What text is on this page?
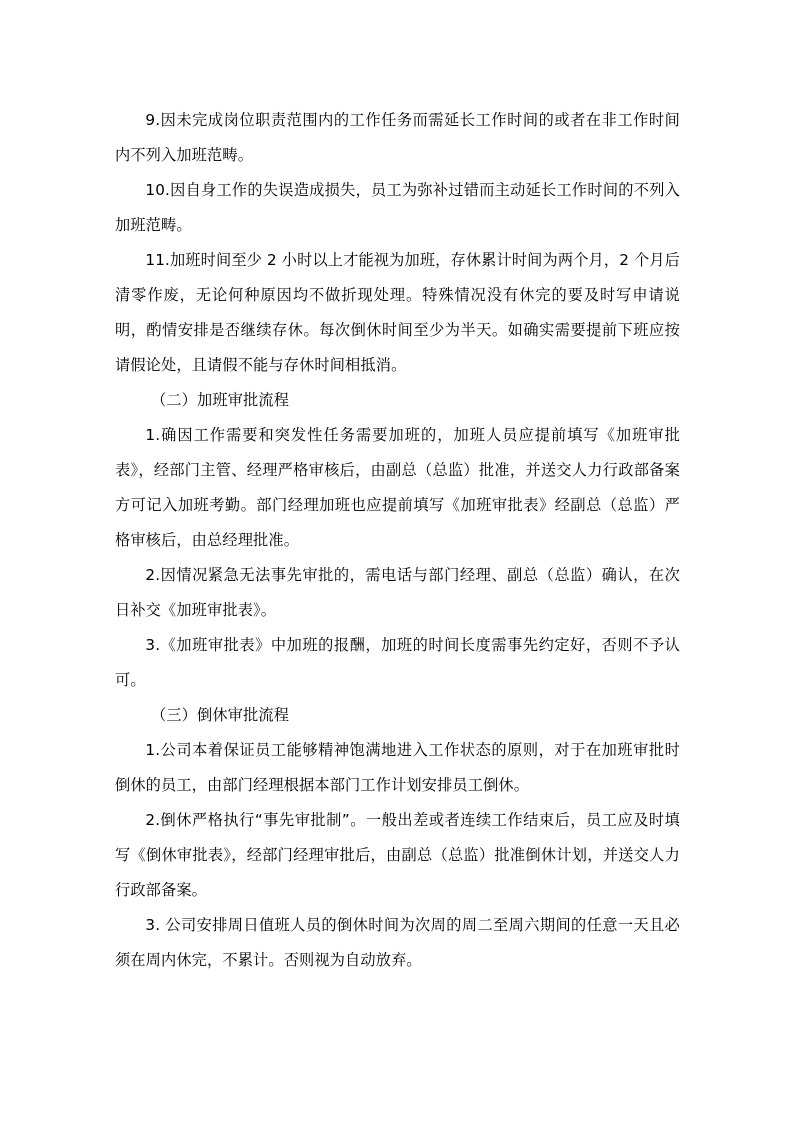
9.因未完成岗位职责范围内的工作任务而需延长工作时间的或者在非工作时间内不列入加班范畴。

10.因自身工作的失误造成损失，员工为弥补过错而主动延长工作时间的不列入加班范畴。

11.加班时间至少 2 小时以上才能视为加班，存休累计时间为两个月，2 个月后清零作废，无论何种原因均不做折现处理。特殊情况没有休完的要及时写申请说明，酌情安排是否继续存休。每次倒休时间至少为半天。如确实需要提前下班应按请假论处，且请假不能与存休时间相抵消。

（二）加班审批流程

1.确因工作需要和突发性任务需要加班的，加班人员应提前填写《加班审批表》，经部门主管、经理严格审核后，由副总（总监）批准，并送交人力行政部备案方可记入加班考勤。部门经理加班也应提前填写《加班审批表》经副总（总监）严格审核后，由总经理批准。

2.因情况紧急无法事先审批的，需电话与部门经理、副总（总监）确认，在次日补交《加班审批表》。

3.《加班审批表》中加班的报酬，加班的时间长度需事先约定好，否则不予认可。

（三）倒休审批流程

1.公司本着保证员工能够精神饱满地进入工作状态的原则，对于在加班审批时倒休的员工，由部门经理根据本部门工作计划安排员工倒休。

2.倒休严格执行“事先审批制”。一般出差或者连续工作结束后，员工应及时填写《倒休审批表》，经部门经理审批后，由副总（总监）批准倒休计划，并送交人力行政部备案。

3. 公司安排周日值班人员的倒休时间为次周的周二至周六期间的任意一天且必须在周内休完，不累计。否则视为自动放弃。
